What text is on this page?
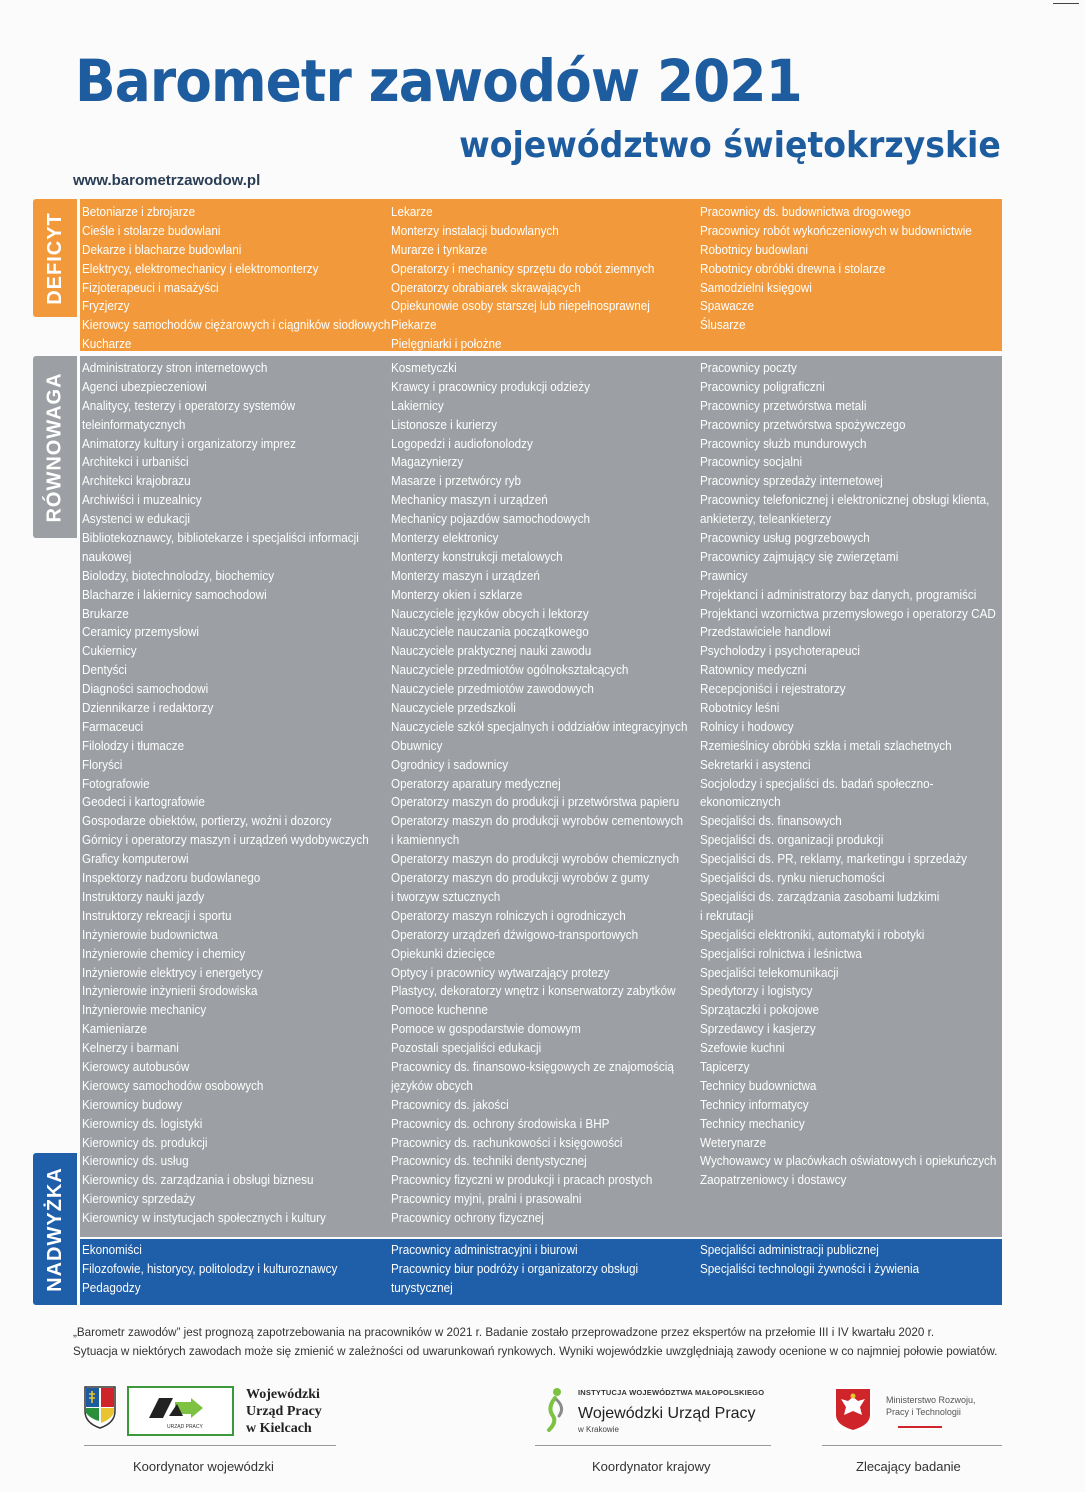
Barometr zawodów 2021
województwo świętokrzyskie
www.barometrzawodow.pl
DEFICYT
RÓWNOWAGA
NADWYŻKA
Betoniarze i zbrojarze
Cieśle i stolarze budowlani
Dekarze i blacharze budowlani
Elektrycy, elektromechanicy i elektromonterzy
Fizjoterapeuci i masażyści
Fryzjerzy
Kierowcy samochodów ciężarowych i ciągników siodłowych
Kucharze
Lekarze
Monterzy instalacji budowlanych
Murarze i tynkarze
Operatorzy i mechanicy sprzętu do robót ziemnych
Operatorzy obrabiarek skrawających
Opiekunowie osoby starszej lub niepełnosprawnej
Piekarze
Pielęgniarki i położne
Pracownicy ds. budownictwa drogowego
Pracownicy robót wykończeniowych w budownictwie
Robotnicy budowlani
Robotnicy obróbki drewna i stolarze
Samodzielni księgowi
Spawacze
Ślusarze
Administratorzy stron internetowych
Agenci ubezpieczeniowi
Analitycy, testerzy i operatorzy systemów
teleinformatycznych
Animatorzy kultury i organizatorzy imprez
Architekci i urbaniści
Architekci krajobrazu
Archiwiści i muzealnicy
Asystenci w edukacji
Bibliotekoznawcy, bibliotekarze i specjaliści informacji
naukowej
Biolodzy, biotechnolodzy, biochemicy
Blacharze i lakiernicy samochodowi
Brukarze
Ceramicy przemysłowi
Cukiernicy
Dentyści
Diagności samochodowi
Dziennikarze i redaktorzy
Farmaceuci
Filolodzy i tłumacze
Floryści
Fotografowie
Geodeci i kartografowie
Gospodarze obiektów, portierzy, woźni i dozorcy
Górnicy i operatorzy maszyn i urządzeń wydobywczych
Graficy komputerowi
Inspektorzy nadzoru budowlanego
Instruktorzy nauki jazdy
Instruktorzy rekreacji i sportu
Inżynierowie budownictwa
Inżynierowie chemicy i chemicy
Inżynierowie elektrycy i energetycy
Inżynierowie inżynierii środowiska
Inżynierowie mechanicy
Kamieniarze
Kelnerzy i barmani
Kierowcy autobusów
Kierowcy samochodów osobowych
Kierownicy budowy
Kierownicy ds. logistyki
Kierownicy ds. produkcji
Kierownicy ds. usług
Kierownicy ds. zarządzania i obsługi biznesu
Kierownicy sprzedaży
Kierownicy w instytucjach społecznych i kultury
Kosmetyczki
Krawcy i pracownicy produkcji odzieży
Lakiernicy
Listonosze i kurierzy
Logopedzi i audiofonolodzy
Magazynierzy
Masarze i przetwórcy ryb
Mechanicy maszyn i urządzeń
Mechanicy pojazdów samochodowych
Monterzy elektronicy
Monterzy konstrukcji metalowych
Monterzy maszyn i urządzeń
Monterzy okien i szklarze
Nauczyciele języków obcych i lektorzy
Nauczyciele nauczania początkowego
Nauczyciele praktycznej nauki zawodu
Nauczyciele przedmiotów ogólnokształcących
Nauczyciele przedmiotów zawodowych
Nauczyciele przedszkoli
Nauczyciele szkół specjalnych i oddziałów integracyjnych
Obuwnicy
Ogrodnicy i sadownicy
Operatorzy aparatury medycznej
Operatorzy maszyn do produkcji i przetwórstwa papieru
Operatorzy maszyn do produkcji wyrobów cementowych
i kamiennych
Operatorzy maszyn do produkcji wyrobów chemicznych
Operatorzy maszyn do produkcji wyrobów z gumy
i tworzyw sztucznych
Operatorzy maszyn rolniczych i ogrodniczych
Operatorzy urządzeń dźwigowo-transportowych
Opiekunki dziecięce
Optycy i pracownicy wytwarzający protezy
Plastycy, dekoratorzy wnętrz i konserwatorzy zabytków
Pomoce kuchenne
Pomoce w gospodarstwie domowym
Pozostali specjaliści edukacji
Pracownicy ds. finansowo-księgowych ze znajomością
języków obcych
Pracownicy ds. jakości
Pracownicy ds. ochrony środowiska i BHP
Pracownicy ds. rachunkowości i księgowości
Pracownicy ds. techniki dentystycznej
Pracownicy fizyczni w produkcji i pracach prostych
Pracownicy myjni, pralni i prasowalni
Pracownicy ochrony fizycznej
Pracownicy poczty
Pracownicy poligraficzni
Pracownicy przetwórstwa metali
Pracownicy przetwórstwa spożywczego
Pracownicy służb mundurowych
Pracownicy socjalni
Pracownicy sprzedaży internetowej
Pracownicy telefonicznej i elektronicznej obsługi klienta,
ankieterzy, teleankieterzy
Pracownicy usług pogrzebowych
Pracownicy zajmujący się zwierzętami
Prawnicy
Projektanci i administratorzy baz danych, programiści
Projektanci wzornictwa przemysłowego i operatorzy CAD
Przedstawiciele handlowi
Psycholodzy i psychoterapeuci
Ratownicy medyczni
Recepcjoniści i rejestratorzy
Robotnicy leśni
Rolnicy i hodowcy
Rzemieślnicy obróbki szkła i metali szlachetnych
Sekretarki i asystenci
Socjolodzy i specjaliści ds. badań społeczno-
ekonomicznych
Specjaliści ds. finansowych
Specjaliści ds. organizacji produkcji
Specjaliści ds. PR, reklamy, marketingu i sprzedaży
Specjaliści ds. rynku nieruchomości
Specjaliści ds. zarządzania zasobami ludzkimi
i rekrutacji
Specjaliści elektroniki, automatyki i robotyki
Specjaliści rolnictwa i leśnictwa
Specjaliści telekomunikacji
Spedytorzy i logistycy
Sprzątaczki i pokojowe
Sprzedawcy i kasjerzy
Szefowie kuchni
Tapicerzy
Technicy budownictwa
Technicy informatycy
Technicy mechanicy
Weterynarze
Wychowawcy w placówkach oświatowych i opiekuńczych
Zaopatrzeniowcy i dostawcy
Ekonomiści
Filozofowie, historycy, politolodzy i kulturoznawcy
Pedagodzy
Pracownicy administracyjni i biurowi
Pracownicy biur podróży i organizatorzy obsługi
turystycznej
Specjaliści administracji publicznej
Specjaliści technologii żywności i żywienia
„Barometr zawodów” jest prognozą zapotrzebowania na pracowników w 2021 r. Badanie zostało przeprowadzone przez ekspertów na przełomie III i IV kwartału 2020 r.
Sytuacja w niektórych zawodach może się zmienić w zależności od uwarunkowań rynkowych. Wyniki wojewódzkie uwzględniają zawody ocenione w co najmniej połowie powiatów.
URZĄD PRACY
Wojewódzki
Urząd Pracy
w Kielcach
Koordynator wojewódzki
INSTYTUCJA WOJEWÓDZTWA MAŁOPOLSKIEGO
Wojewódzki Urząd Pracy
w Krakowie
Koordynator krajowy
Ministerstwo Rozwoju,
Pracy i Technologii
Zlecający badanie
